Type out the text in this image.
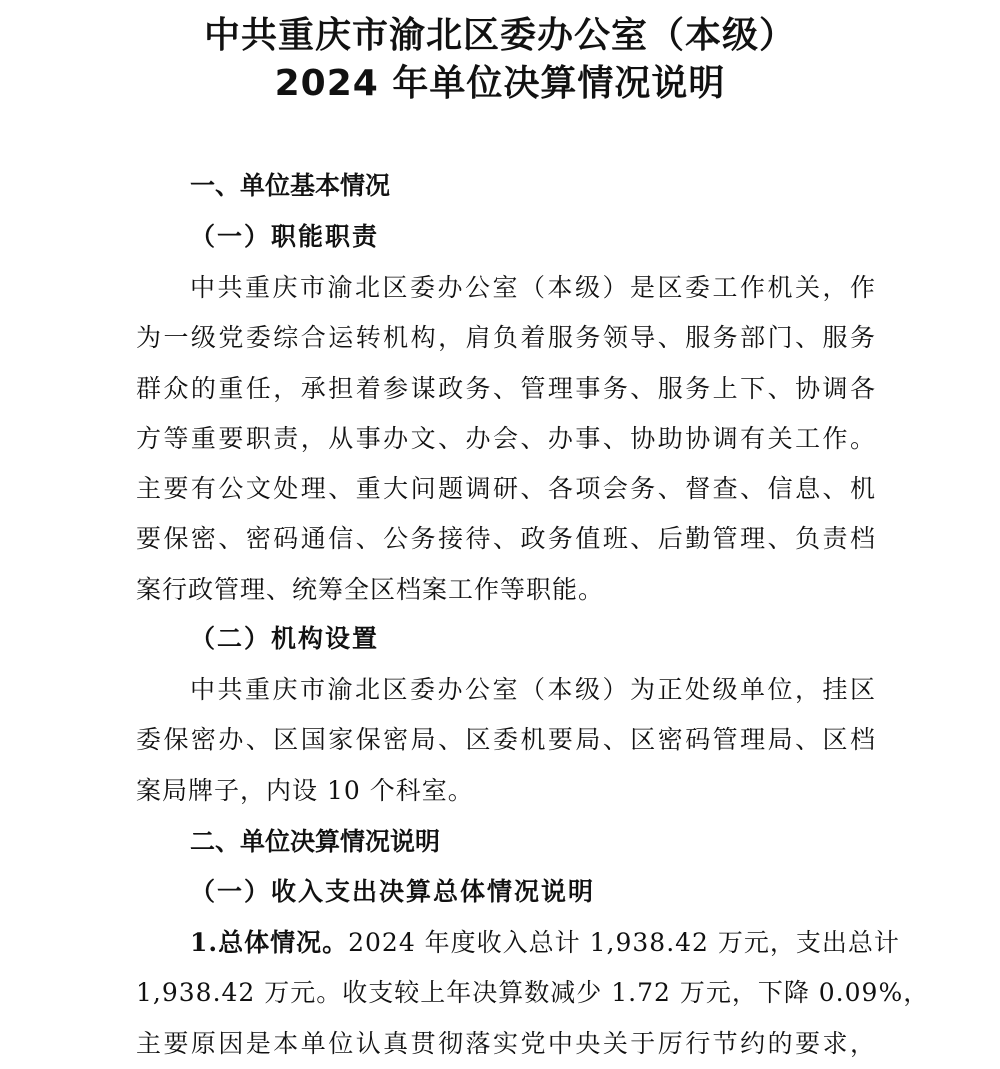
中共重庆市渝北区委办公室（本级）
2024 年单位决算情况说明
一、单位基本情况
（一）职能职责
中共重庆市渝北区委办公室（本级）是区委工作机关，作
为一级党委综合运转机构，肩负着服务领导、服务部门、服务
群众的重任，承担着参谋政务、管理事务、服务上下、协调各
方等重要职责，从事办文、办会、办事、协助协调有关工作。
主要有公文处理、重大问题调研、各项会务、督查、信息、机
要保密、密码通信、公务接待、政务值班、后勤管理、负责档
案行政管理、统筹全区档案工作等职能。
（二）机构设置
中共重庆市渝北区委办公室（本级）为正处级单位，挂区
委保密办、区国家保密局、区委机要局、区密码管理局、区档
案局牌子，内设 10 个科室。
二、单位决算情况说明
（一）收入支出决算总体情况说明
1.总体情况。2024 年度收入总计 1,938.42 万元，支出总计
1,938.42 万元。收支较上年决算数减少 1.72 万元，下降 0.09%，
主要原因是本单位认真贯彻落实党中央关于厉行节约的要求，
